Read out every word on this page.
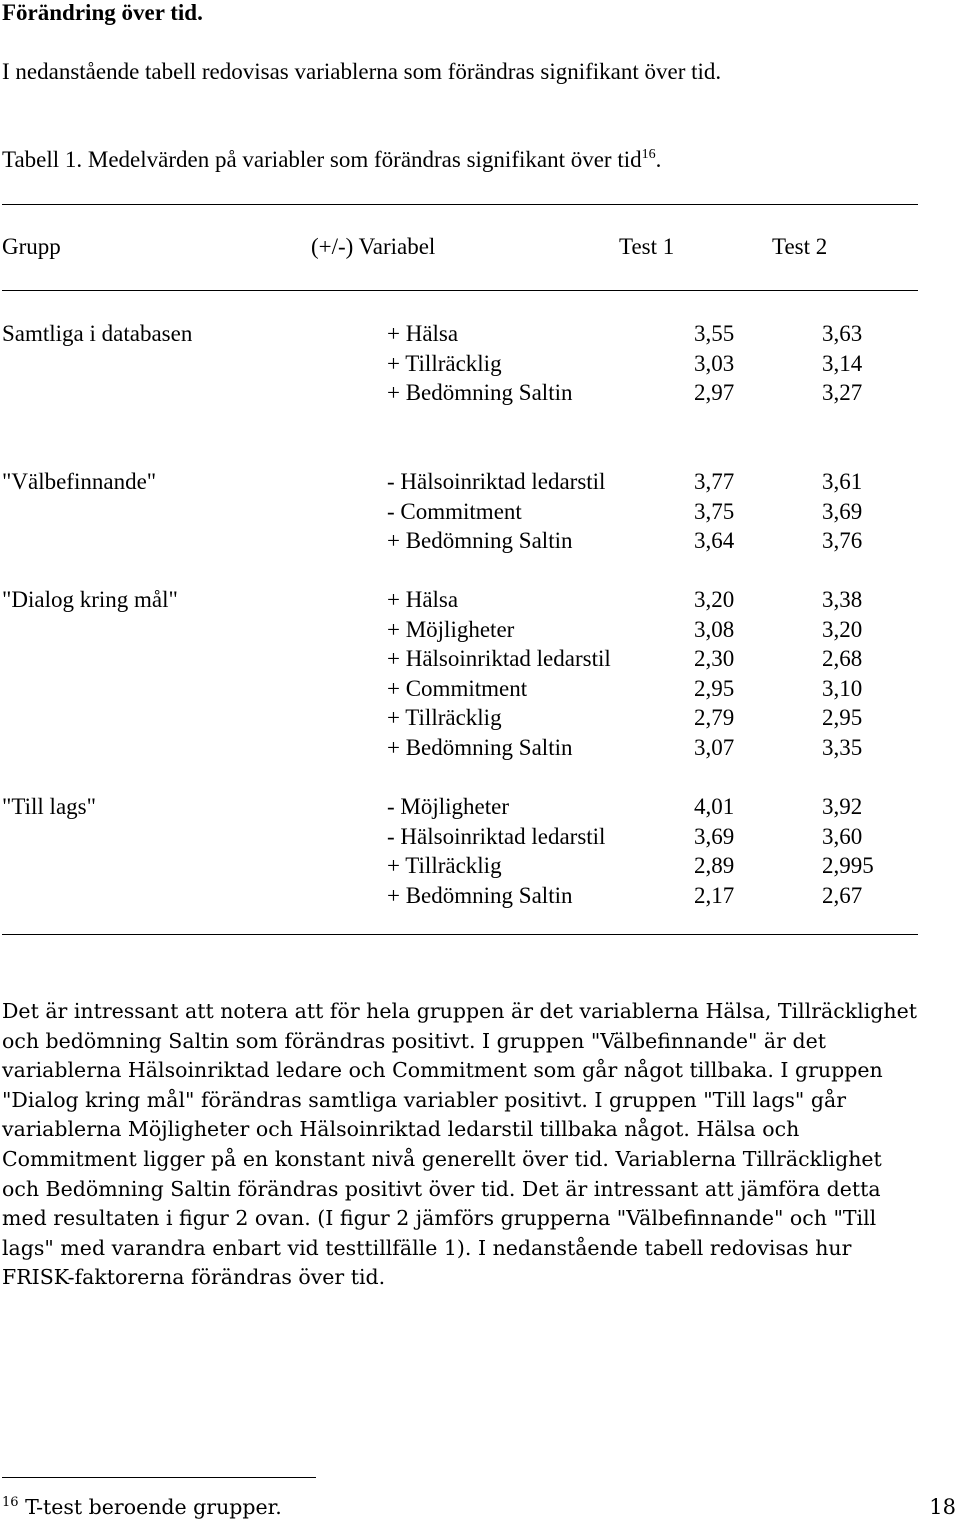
Förändring över tid.
I nedanstående tabell redovisas variablerna som förändras signifikant över tid.
Tabell 1. Medelvärden på variabler som förändras signifikant över tid$^{16}$.
Grupp	(+/-) Variabel	Test 1	Test 2
Samtliga i databasen	+ Hälsa	3,55	3,63
+ Tillräcklig	3,03	3,14
+ Bedömning Saltin	2,97	3,27
"Välbefinnande"	- Hälsoinriktad ledarstil	3,77	3,61
- Commitment	3,75	3,69
+ Bedömning Saltin	3,64	3,76
"Dialog kring mål"	+ Hälsa	3,20	3,38
+ Möjligheter	3,08	3,20
+ Hälsoinriktad ledarstil	2,30	2,68
+ Commitment	2,95	3,10
+ Tillräcklig	2,79	2,95
+ Bedömning Saltin	3,07	3,35
"Till lags"	- Möjligheter	4,01	3,92
- Hälsoinriktad ledarstil	3,69	3,60
+ Tillräcklig	2,89	2,995
+ Bedömning Saltin	2,17	2,67
Det är intressant att notera att för hela gruppen är det variablerna Hälsa, Tillräcklighet och bedömning Saltin som förändras positivt. I gruppen "Välbefinnande" är det variablerna Hälsoinriktad ledare och Commitment som går något tillbaka. I gruppen "Dialog kring mål" förändras samtliga variabler positivt. I gruppen "Till lags" går variablerna Möjligheter och Hälsoinriktad ledarstil tillbaka något. Hälsa och Commitment ligger på en konstant nivå generellt över tid. Variablerna Tillräcklighet och Bedömning Saltin förändras positivt över tid. Det är intressant att jämföra detta med resultaten i figur 2 ovan. (I figur 2 jämförs grupperna "Välbefinnande" och "Till lags" med varandra enbart vid testtillfälle 1). I nedanstående tabell redovisas hur FRISK-faktorerna förändras över tid.
$^{16}$ T-test beroende grupper.	18
